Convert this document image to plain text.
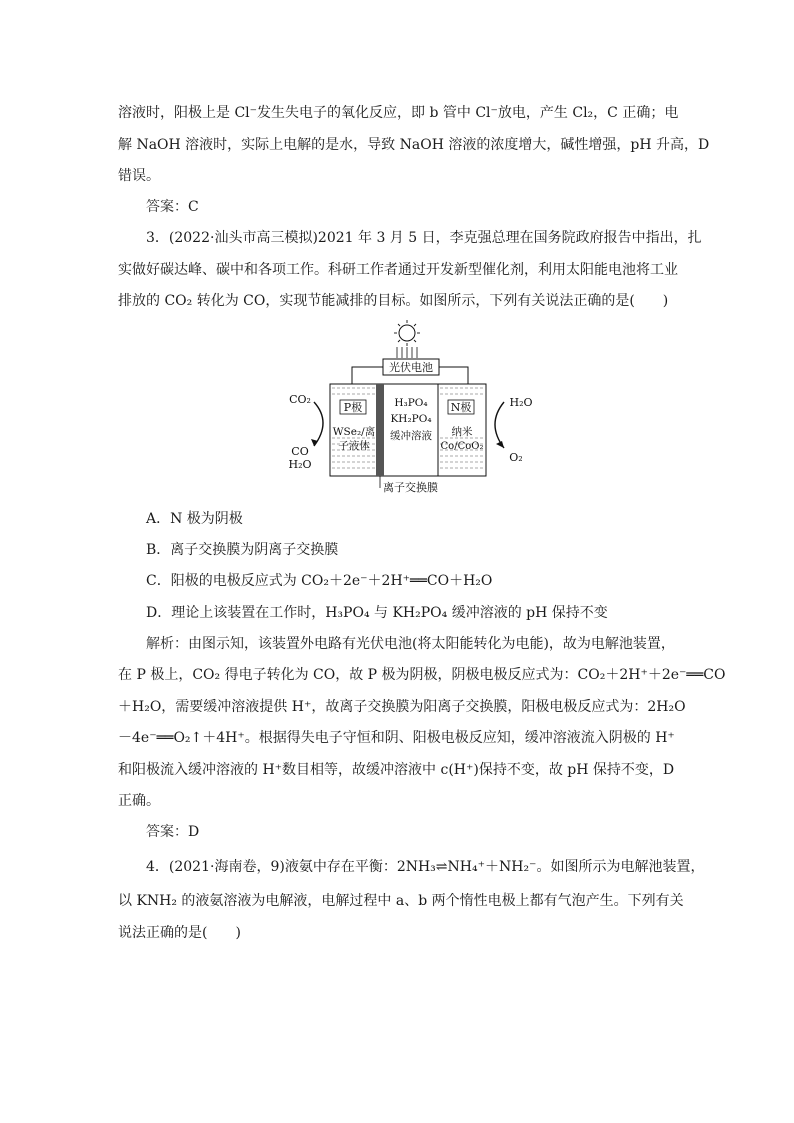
溶液时，阳极上是 Cl⁻发生失电子的氧化反应，即 b 管中 Cl⁻放电，产生 Cl₂，C 正确；电
解 NaOH 溶液时，实际上电解的是水，导致 NaOH 溶液的浓度增大，碱性增强，pH 升高，D
错误。
答案：C
3．(2022·汕头市高三模拟)2021 年 3 月 5 日，李克强总理在国务院政府报告中指出，扎
实做好碳达峰、碳中和各项工作。科研工作者通过开发新型催化剂，利用太阳能电池将工业
排放的 CO₂ 转化为 CO，实现节能减排的目标。如图所示，下列有关说法正确的是(　　)
光伏电池
P极	N极
WSe₂/离
子液体
H₃PO₄
KH₂PO₄
缓冲溶液 纳米
Co/CoO₂
CO₂
CO
H₂O
H₂O
O₂
离子交换膜
A．N 极为阴极
B．离子交换膜为阴离子交换膜
C．阳极的电极反应式为 CO₂＋2e⁻＋2H⁺══CO＋H₂O
D．理论上该装置在工作时，H₃PO₄ 与 KH₂PO₄ 缓冲溶液的 pH 保持不变
解析：由图示知，该装置外电路有光伏电池(将太阳能转化为电能)，故为电解池装置，
在 P 极上，CO₂ 得电子转化为 CO，故 P 极为阴极，阴极电极反应式为：CO₂＋2H⁺＋2e⁻══CO
＋H₂O，需要缓冲溶液提供 H⁺，故离子交换膜为阳离子交换膜，阳极电极反应式为：2H₂O
－4e⁻══O₂↑＋4H⁺。根据得失电子守恒和阴、阳极电极反应知，缓冲溶液流入阴极的 H⁺
和阳极流入缓冲溶液的 H⁺数目相等，故缓冲溶液中 c(H⁺)保持不变，故 pH 保持不变，D
正确。
答案：D
4．(2021·海南卷，9)液氨中存在平衡：2NH₃⇌NH₄⁺＋NH₂⁻。如图所示为电解池装置，
以 KNH₂ 的液氨溶液为电解液，电解过程中 a、b 两个惰性电极上都有气泡产生。下列有关
说法正确的是(　　)
